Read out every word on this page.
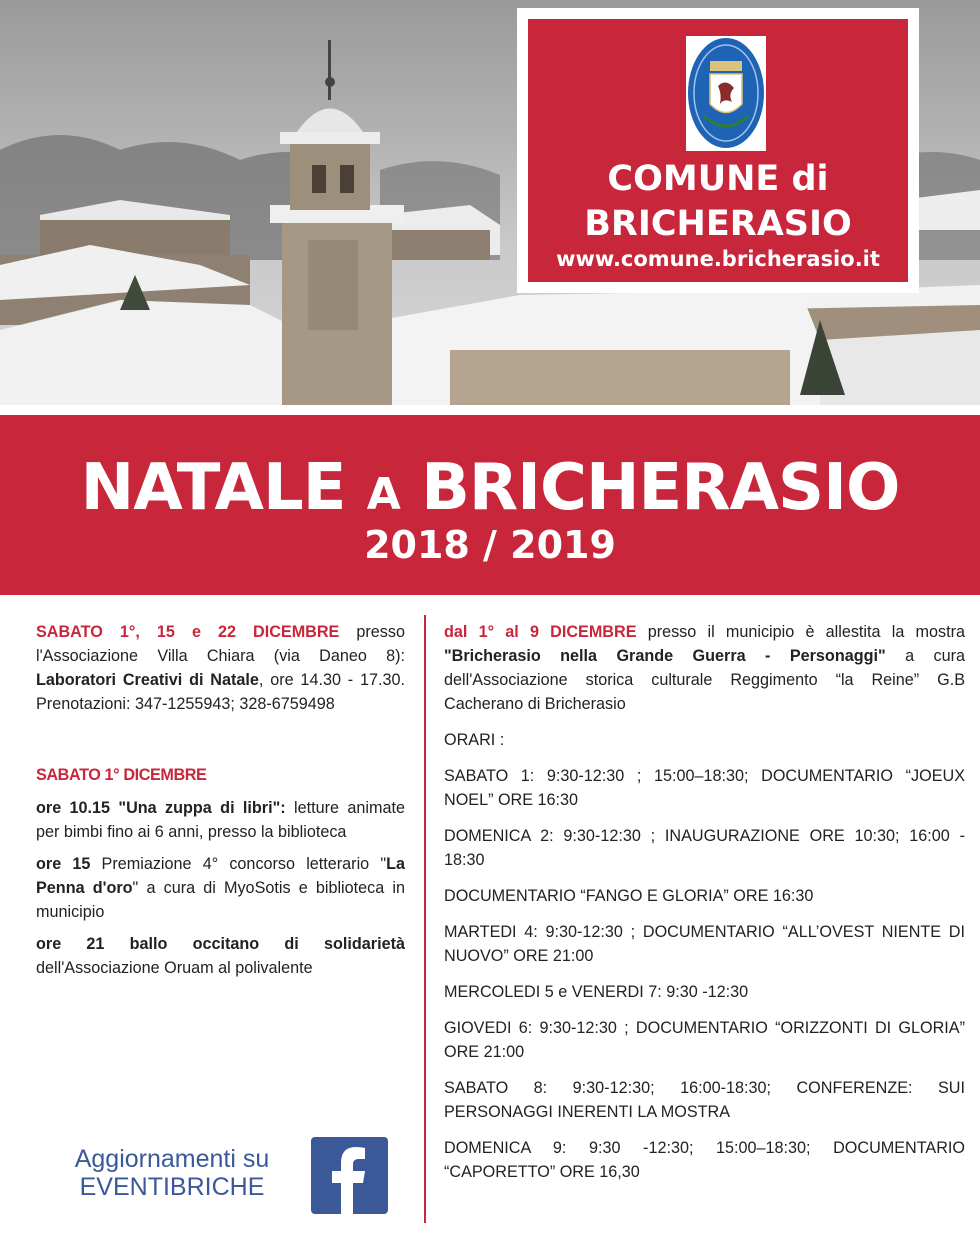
COMUNE di
BRICHERASIO
www.comune.bricherasio.it
NATALE A BRICHERASIO
2018 / 2019

SABATO 1°, 15 e 22 DICEMBRE presso l'Associazione Villa Chiara (via Daneo 8): Laboratori Creativi di Natale, ore 14.30 - 17.30. Prenotazioni: 347-1255943; 328-6759498

SABATO 1° DICEMBRE

ore 10.15 "Una zuppa di libri": letture animate per bimbi fino ai 6 anni, presso la biblioteca

ore 15 Premiazione 4° concorso letterario "La Penna d'oro" a cura di MyoSotis e biblioteca in municipio

ore 21 ballo occitano di solidarietà dell'Associazione Oruam al polivalente

dal 1° al 9 DICEMBRE presso il municipio è allestita la mostra "Bricherasio nella Grande Guerra - Personaggi" a cura dell'Associazione storica culturale Reggimento “la Reine” G.B Cacherano di Bricherasio

ORARI :

SABATO 1: 9:30-12:30 ; 15:00–18:30; DOCUMENTARIO “JOEUX NOEL” ORE 16:30

DOMENICA 2: 9:30-12:30 ; INAUGURAZIONE ORE 10:30; 16:00 - 18:30

DOCUMENTARIO “FANGO E GLORIA” ORE 16:30

MARTEDI 4: 9:30-12:30 ; DOCUMENTARIO “ALL’OVEST NIENTE DI NUOVO” ORE 21:00

MERCOLEDI 5 e VENERDI 7: 9:30 -12:30

GIOVEDI 6: 9:30-12:30 ; DOCUMENTARIO “ORIZZONTI DI GLORIA” ORE 21:00

SABATO 8: 9:30-12:30; 16:00-18:30; CONFERENZE: SUI PERSONAGGI INERENTI LA MOSTRA

DOMENICA 9: 9:30 -12:30; 15:00–18:30; DOCUMENTARIO “CAPORETTO” ORE 16,30

Aggiornamenti su
EVENTIBRICHE
